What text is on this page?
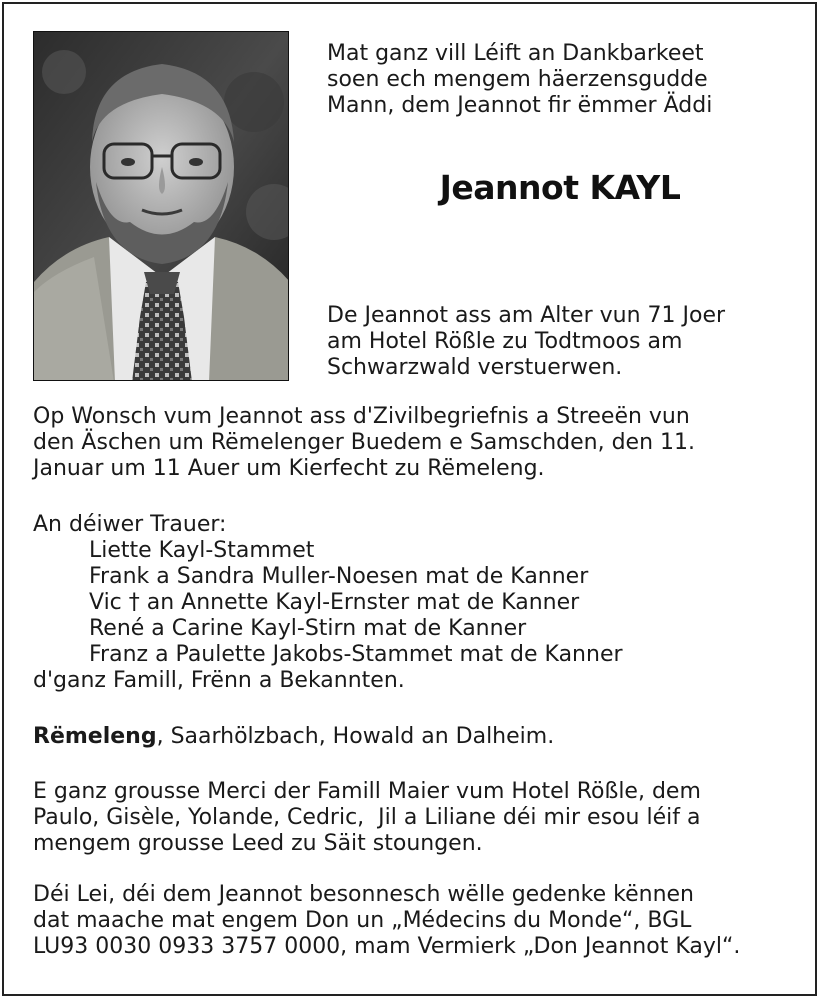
Mat ganz vill Léift an Dankbarkeet
soen ech mengem häerzensgudde
Mann, dem Jeannot fir ëmmer Äddi
Jeannot KAYL
De Jeannot ass am Alter vun 71 Joer
am Hotel Rößle zu Todtmoos am
Schwarzwald verstuerwen.
Op Wonsch vum Jeannot ass d'Zivilbegriefnis a Streeën vun
den Äschen um Rëmelenger Buedem e Samschden, den 11.
Januar um 11 Auer um Kierfecht zu Rëmeleng.
An déiwer Trauer:
Liette Kayl-Stammet
Frank a Sandra Muller-Noesen mat de Kanner
Vic † an Annette Kayl-Ernster mat de Kanner
René a Carine Kayl-Stirn mat de Kanner
Franz a Paulette Jakobs-Stammet mat de Kanner
d'ganz Famill, Frënn a Bekannten.
Rëmeleng, Saarhölzbach, Howald an Dalheim.
E ganz grousse Merci der Famill Maier vum Hotel Rößle, dem
Paulo, Gisèle, Yolande, Cedric,  Jil a Liliane déi mir esou léif a
mengem grousse Leed zu Säit stoungen.
Déi Lei, déi dem Jeannot besonnesch wëlle gedenke kënnen
dat maache mat engem Don un „Médecins du Monde“, BGL
LU93 0030 0933 3757 0000, mam Vermierk „Don Jeannot Kayl“.
